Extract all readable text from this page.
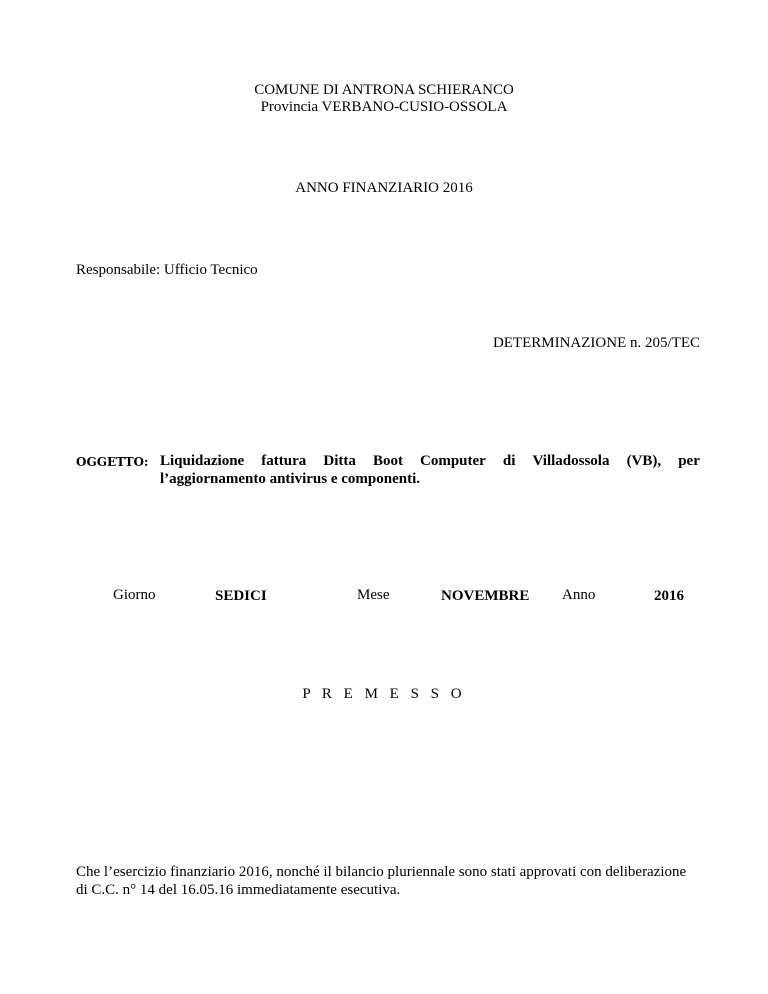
COMUNE DI ANTRONA SCHIERANCO
Provincia VERBANO-CUSIO-OSSOLA
ANNO FINANZIARIO 2016
Responsabile: Ufficio Tecnico
DETERMINAZIONE n. 205/TEC
OGGETTO: Liquidazione fattura Ditta Boot Computer di Villadossola (VB), per
l’aggiornamento antivirus e componenti.
Giorno	SEDICI	Mese	NOVEMBRE Anno	2016
P R E M E S S O
Che l’esercizio finanziario 2016, nonché il bilancio pluriennale sono stati approvati con deliberazione
di C.C. n° 14 del 16.05.16 immediatamente esecutiva.
